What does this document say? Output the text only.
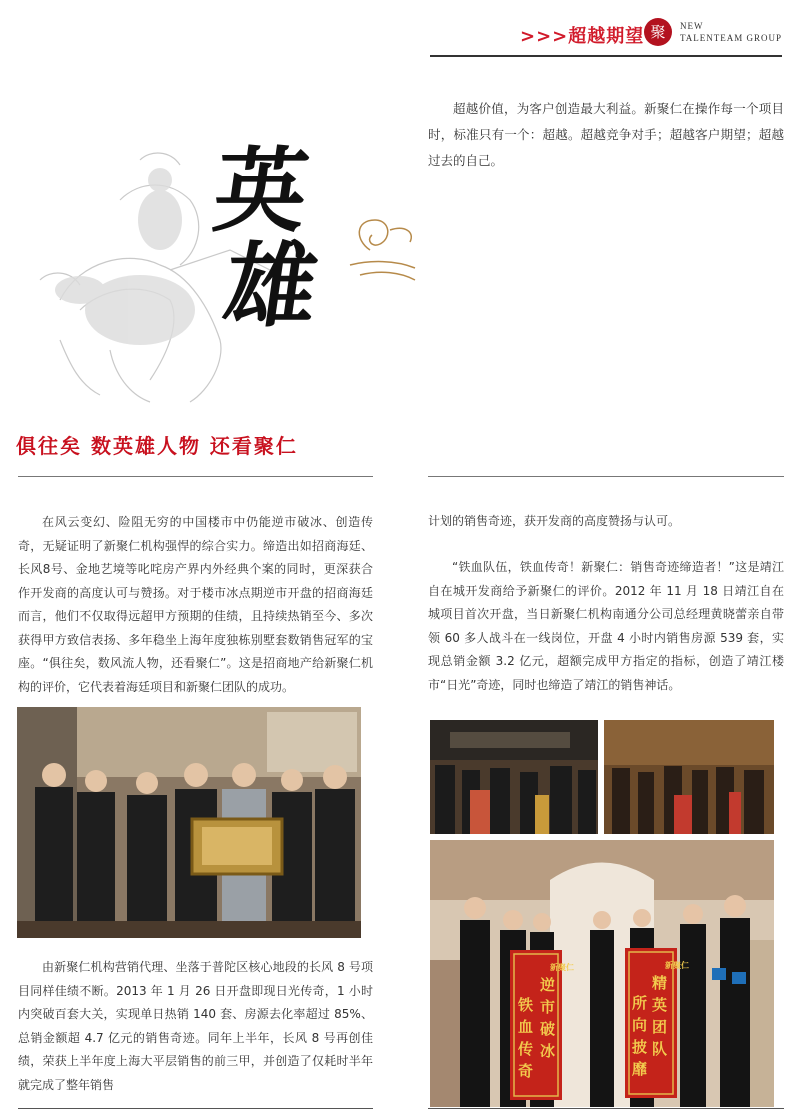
>>>超越期望 聚	NEW
TALENTEAM GROUP

超越价值，为客户创造最大利益。新聚仁在操作每一个项目时，标准只有一个：超越。超越竞争对手；超越客户期望；超越过去的自己。

英
雄
俱往矣 数英雄人物 还看聚仁

在风云变幻、险阻无穷的中国楼市中仍能逆市破冰、创造传奇，无疑证明了新聚仁机构强悍的综合实力。缔造出如招商海廷、长风8号、金地艺境等叱咤房产界内外经典个案的同时，更深获合作开发商的高度认可与赞扬。对于楼市冰点期逆市开盘的招商海廷而言，他们不仅取得远超甲方预期的佳绩，且持续热销至今、多次获得甲方致信表扬、多年稳坐上海年度独栋别墅套数销售冠军的宝座。“俱往矣，数风流人物，还看聚仁”。这是招商地产给新聚仁机构的评价，它代表着海廷项目和新聚仁团队的成功。

由新聚仁机构营销代理、坐落于普陀区核心地段的长风 8 号项目同样佳绩不断。2013 年 1 月 26 日开盘即现日光传奇，1 小时内突破百套大关，实现单日热销 140 套、房源去化率超过 85%、总销金额超 4.7 亿元的销售奇迹。同年上半年，长风 8 号再创佳绩，荣获上半年度上海大平层销售的前三甲，并创造了仅耗时半年就完成了整年销售

计划的销售奇迹，获开发商的高度赞扬与认可。

“铁血队伍，铁血传奇！新聚仁：销售奇迹缔造者！”这是靖江自在城开发商给予新聚仁的评价。2012 年 11 月 18 日靖江自在城项目首次开盘，当日新聚仁机构南通分公司总经理黄晓蕾亲自带领 60 多人战斗在一线岗位，开盘 4 小时内销售房源 539 套，实现总销金额 3.2 亿元，超额完成甲方指定的指标，创造了靖江楼市“日光”奇迹，同时也缔造了靖江的销售神话。

新聚仁	新聚仁
逆
市
破
冰
铁
血
传
奇
精
英
团
队
所
向
披
靡
